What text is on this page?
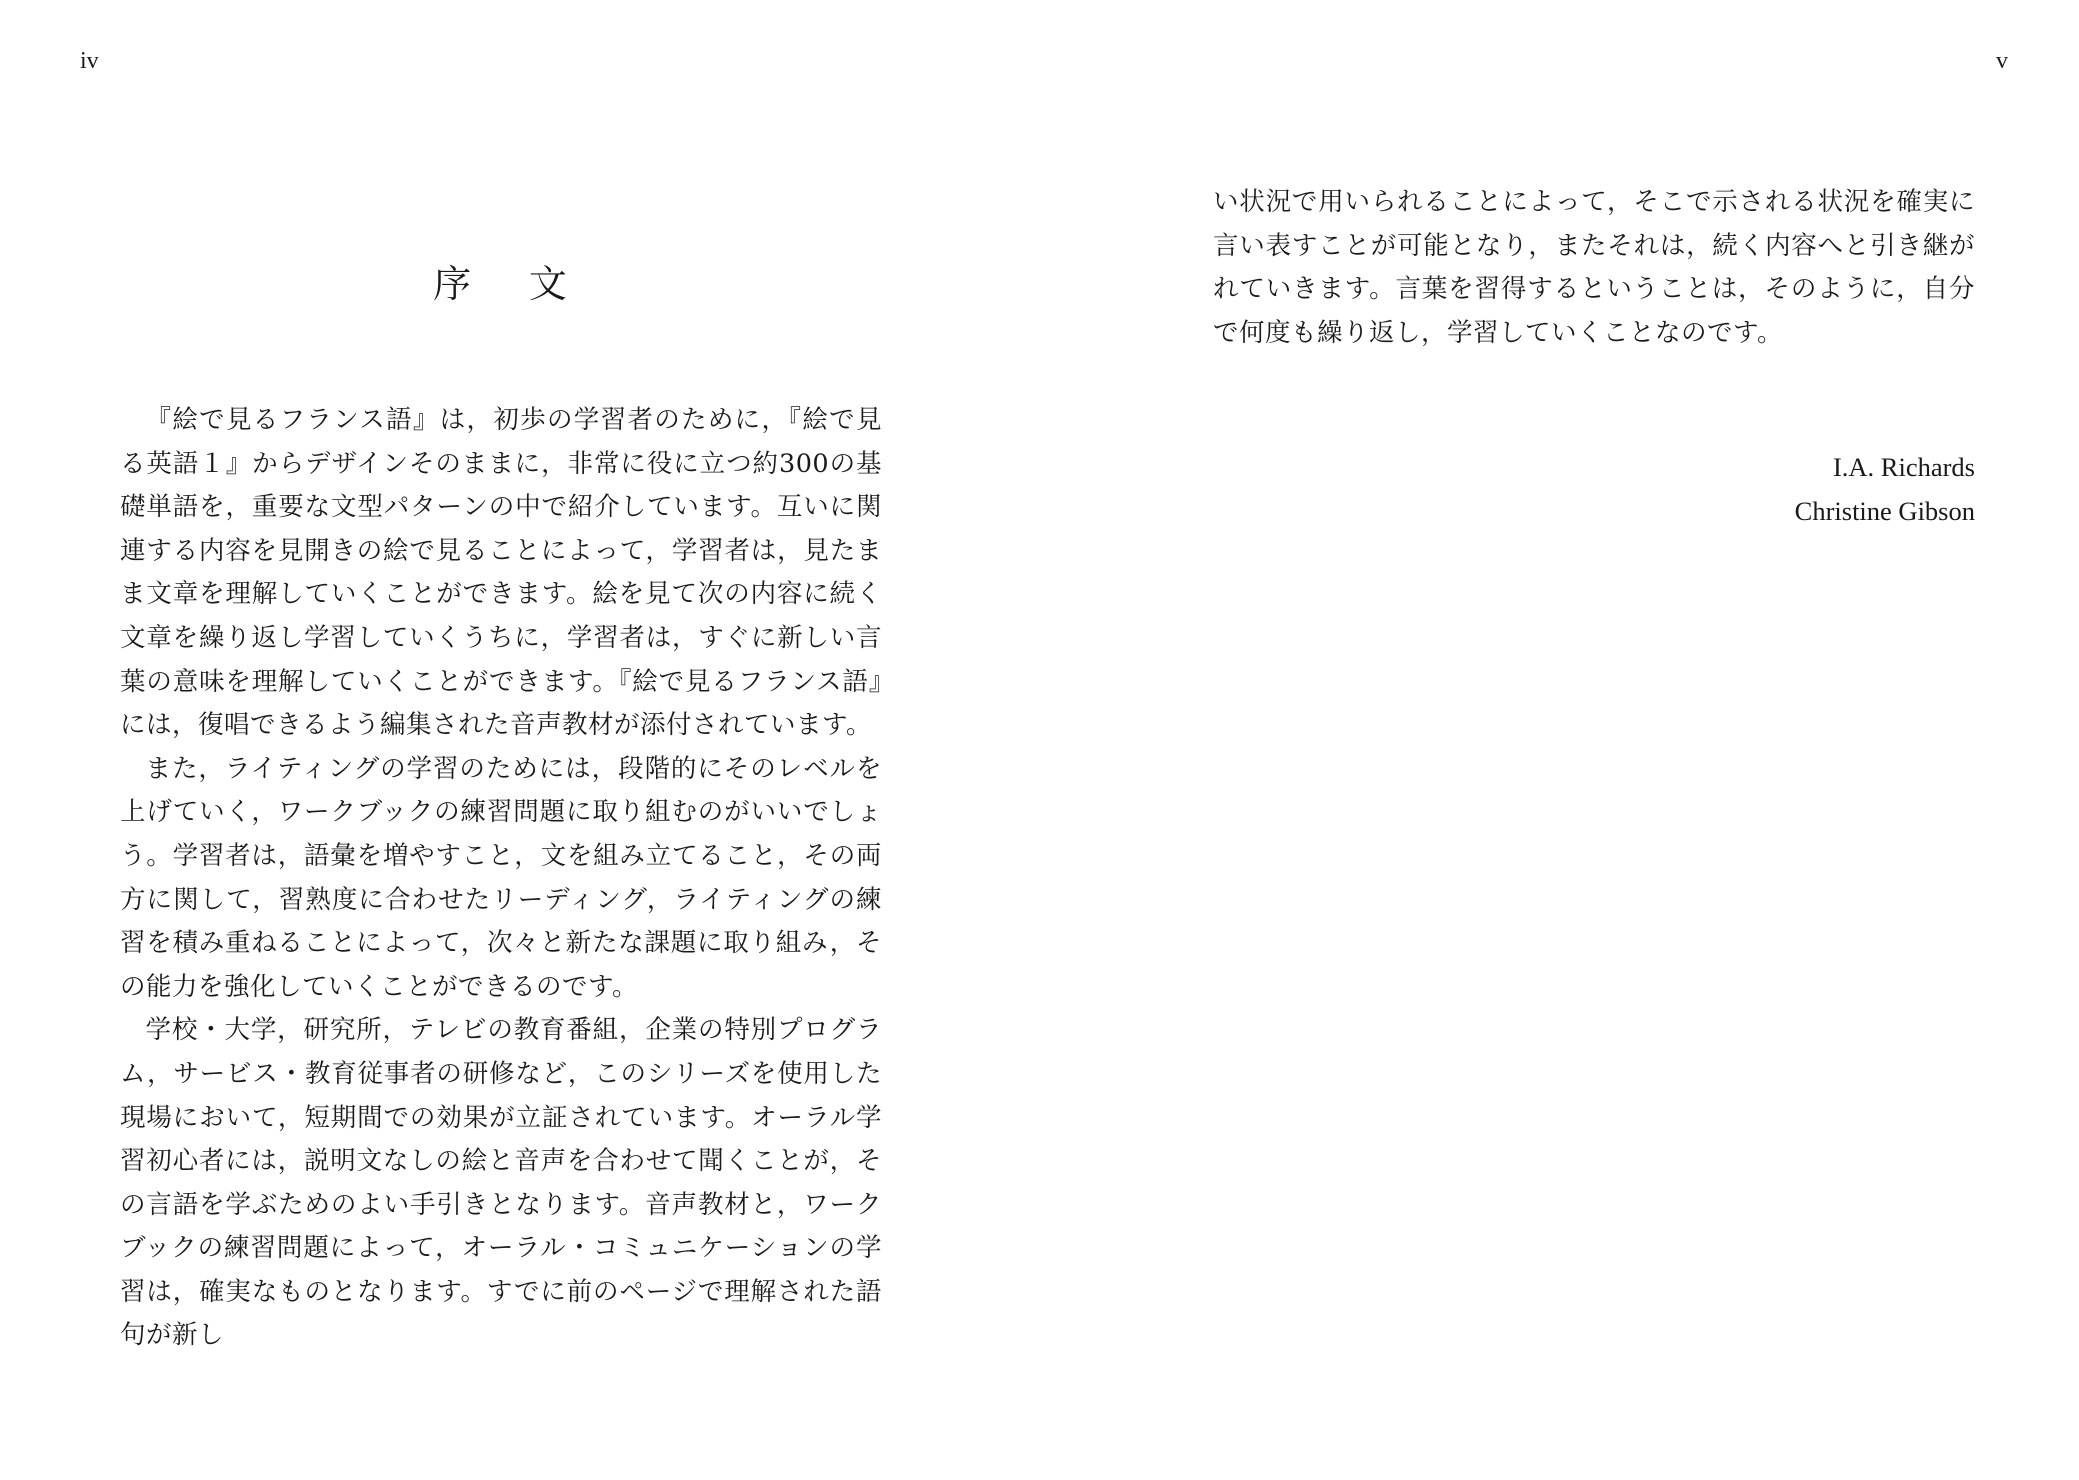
iv	v
序 文

『絵で見るフランス語』は，初歩の学習者のために，『絵で見る英語１』からデザインそのままに，非常に役に立つ約300の基礎単語を，重要な文型パターンの中で紹介しています。互いに関連する内容を見開きの絵で見ることによって，学習者は，見たまま文章を理解していくことができます。絵を見て次の内容に続く文章を繰り返し学習していくうちに，学習者は，すぐに新しい言葉の意味を理解していくことができます。『絵で見るフランス語』には，復唱できるよう編集された音声教材が添付されています。

また，ライティングの学習のためには，段階的にそのレベルを上げていく，ワークブックの練習問題に取り組むのがいいでしょう。学習者は，語彙を増やすこと，文を組み立てること，その両方に関して，習熟度に合わせたリーディング，ライティングの練習を積み重ねることによって，次々と新たな課題に取り組み，その能力を強化していくことができるのです。

学校・大学，研究所，テレビの教育番組，企業の特別プログラム，サービス・教育従事者の研修など，このシリーズを使用した現場において，短期間での効果が立証されています。オーラル学習初心者には，説明文なしの絵と音声を合わせて聞くことが，その言語を学ぶためのよい手引きとなります。音声教材と，ワークブックの練習問題によって，オーラル・コミュニケーションの学習は，確実なものとなります。すでに前のページで理解された語句が新し

い状況で用いられることによって，そこで示される状況を確実に言い表すことが可能となり，またそれは，続く内容へと引き継がれていきます。言葉を習得するということは，そのように，自分で何度も繰り返し，学習していくことなのです。

I.A. Richards
Christine Gibson
